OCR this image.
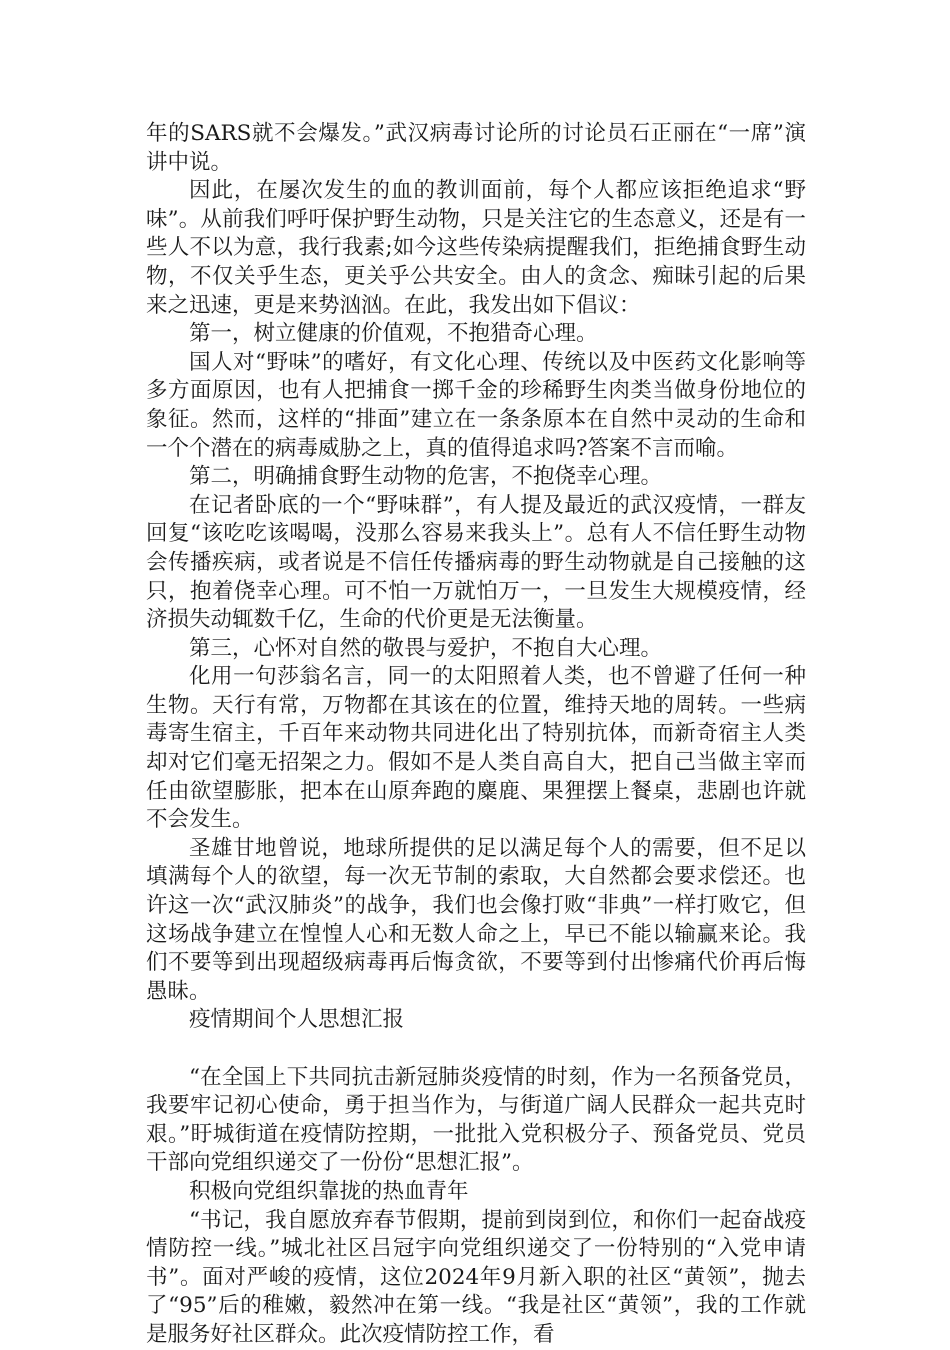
年的SARS就不会爆发。”武汉病毒讨论所的讨论员石正丽在“一席”演讲中说。

因此，在屡次发生的血的教训面前，每个人都应该拒绝追求“野味”。从前我们呼吁保护野生动物，只是关注它的生态意义，还是有一些人不以为意，我行我素;如今这些传染病提醒我们，拒绝捕食野生动物，不仅关乎生态，更关乎公共安全。由人的贪念、痴昧引起的后果来之迅速，更是来势汹汹。在此，我发出如下倡议：

第一，树立健康的价值观，不抱猎奇心理。

国人对“野味”的嗜好，有文化心理、传统以及中医药文化影响等多方面原因，也有人把捕食一掷千金的珍稀野生肉类当做身份地位的象征。然而，这样的“排面”建立在一条条原本在自然中灵动的生命和一个个潜在的病毒威胁之上，真的值得追求吗?答案不言而喻。

第二，明确捕食野生动物的危害，不抱侥幸心理。

在记者卧底的一个“野味群”，有人提及最近的武汉疫情，一群友回复“该吃吃该喝喝，没那么容易来我头上”。总有人不信任野生动物会传播疾病，或者说是不信任传播病毒的野生动物就是自己接触的这只，抱着侥幸心理。可不怕一万就怕万一，一旦发生大规模疫情，经济损失动辄数千亿，生命的代价更是无法衡量。

第三，心怀对自然的敬畏与爱护，不抱自大心理。

化用一句莎翁名言，同一的太阳照着人类，也不曾避了任何一种生物。天行有常，万物都在其该在的位置，维持天地的周转。一些病毒寄生宿主，千百年来动物共同进化出了特别抗体，而新奇宿主人类却对它们毫无招架之力。假如不是人类自高自大，把自己当做主宰而任由欲望膨胀，把本在山原奔跑的麋鹿、果狸摆上餐桌，悲剧也许就不会发生。

圣雄甘地曾说，地球所提供的足以满足每个人的需要，但不足以填满每个人的欲望，每一次无节制的索取，大自然都会要求偿还。也许这一次“武汉肺炎”的战争，我们也会像打败“非典”一样打败它，但这场战争建立在惶惶人心和无数人命之上，早已不能以输赢来论。我们不要等到出现超级病毒再后悔贪欲，不要等到付出惨痛代价再后悔愚昧。

疫情期间个人思想汇报

“在全国上下共同抗击新冠肺炎疫情的时刻，作为一名预备党员，我要牢记初心使命，勇于担当作为，与街道广阔人民群众一起共克时艰。”盱城街道在疫情防控期，一批批入党积极分子、预备党员、党员干部向党组织递交了一份份“思想汇报”。

积极向党组织靠拢的热血青年

“书记，我自愿放弃春节假期，提前到岗到位，和你们一起奋战疫情防控一线。”城北社区吕冠宇向党组织递交了一份特别的“入党申请书”。面对严峻的疫情，这位2024年9月新入职的社区“黄领”，抛去了“95”后的稚嫩，毅然冲在第一线。“我是社区“黄领”，我的工作就是服务好社区群众。此次疫情防控工作，看
